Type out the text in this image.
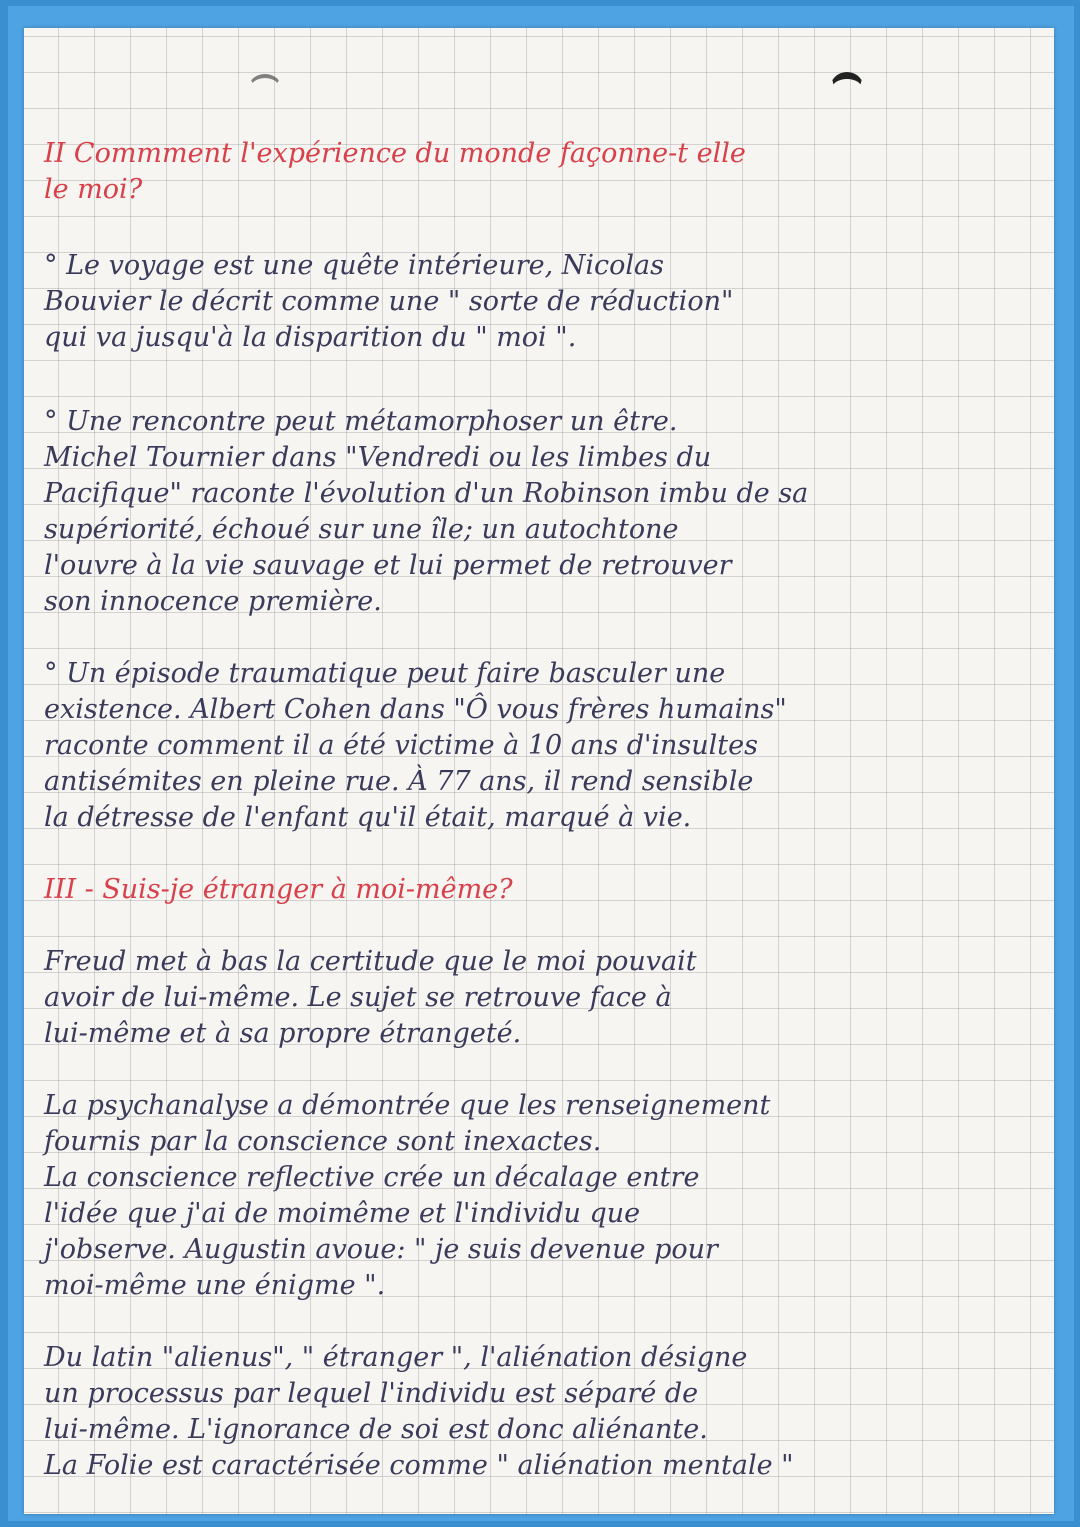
II Commment l'expérience du monde façonne-t elle
le moi?

° Le voyage est une quête intérieure, Nicolas
Bouvier le décrit comme une " sorte de réduction"
qui va jusqu'à la disparition du " moi ".

° Une rencontre peut métamorphoser un être.
Michel Tournier dans "Vendredi ou les limbes du
Pacifique" raconte l'évolution d'un Robinson imbu de sa
supériorité, échoué sur une île; un autochtone
l'ouvre à la vie sauvage et lui permet de retrouver
son innocence première.

° Un épisode traumatique peut faire basculer une
existence. Albert Cohen dans "Ô vous frères humains"
raconte comment il a été victime à 10 ans d'insultes
antisémites en pleine rue. À 77 ans, il rend sensible
la détresse de l'enfant qu'il était, marqué à vie.

III - Suis-je étranger à moi-même?

Freud met à bas la certitude que le moi pouvait
avoir de lui-même. Le sujet se retrouve face à
lui-même et à sa propre étrangeté.

La psychanalyse a démontrée que les renseignement
fournis par la conscience sont inexactes.
La conscience reflective crée un décalage entre
l'idée que j'ai de moimême et l'individu que
j'observe. Augustin avoue: " je suis devenue pour
moi-même une énigme ".

Du latin "alienus", " étranger ", l'aliénation désigne
un processus par lequel l'individu est séparé de
lui-même. L'ignorance de soi est donc aliénante.
La Folie est caractérisée comme " aliénation mentale "
